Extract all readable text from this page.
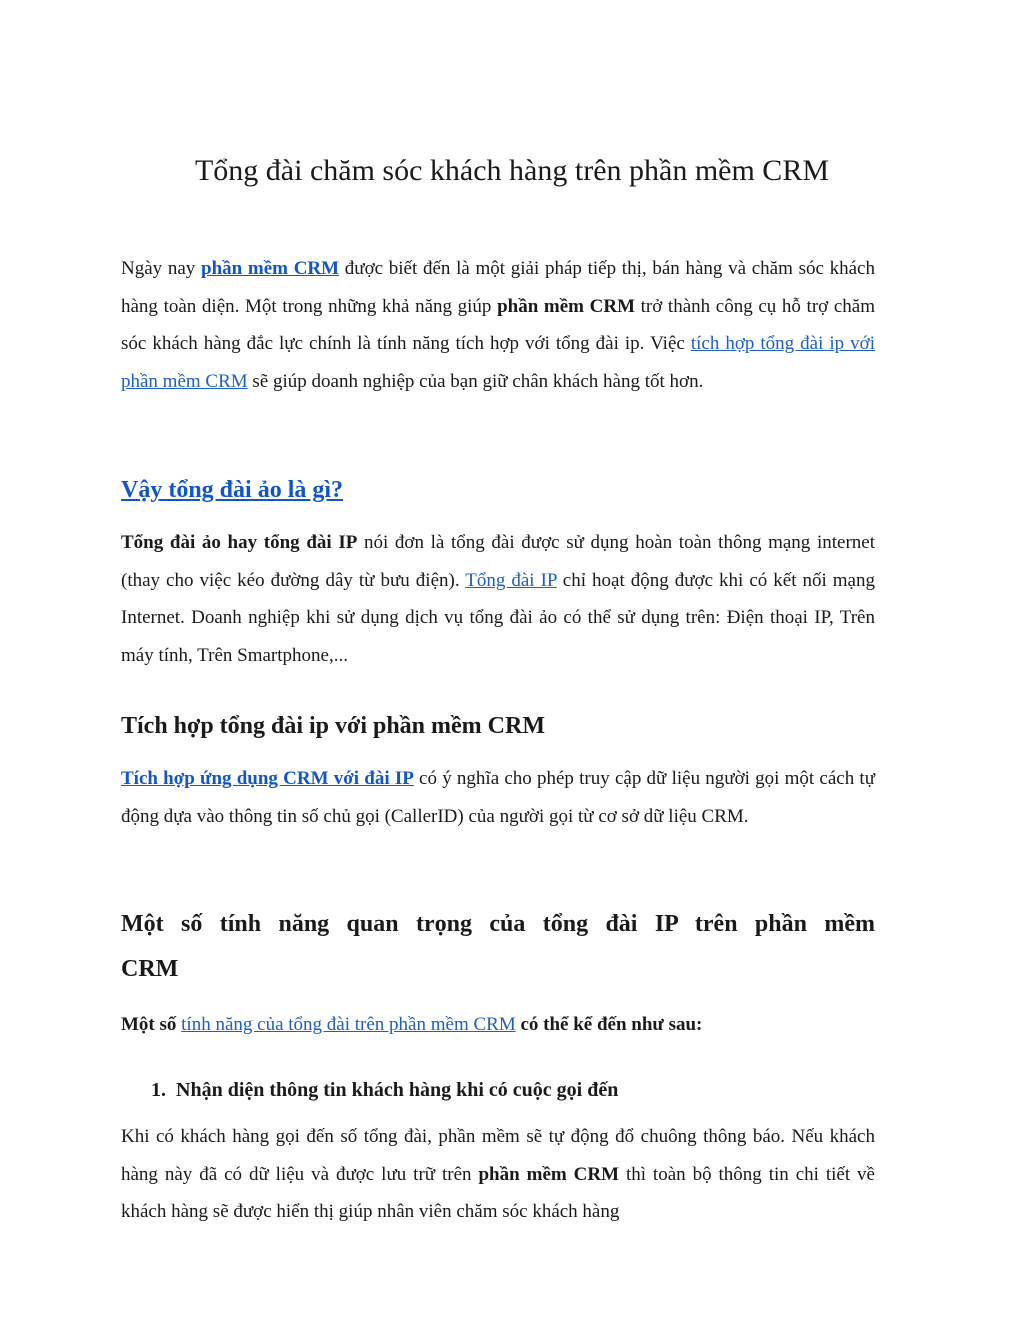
Tổng đài chăm sóc khách hàng trên phần mềm CRM

Ngày nay phần mềm CRM được biết đến là một giải pháp tiếp thị, bán hàng và chăm sóc khách hàng toàn diện. Một trong những khả năng giúp phần mềm CRM trở thành công cụ hỗ trợ chăm sóc khách hàng đắc lực chính là tính năng tích hợp với tổng đài ip. Việc tích hợp tổng đài ip với phần mềm CRM sẽ giúp doanh nghiệp của bạn giữ chân khách hàng tốt hơn.

Vậy tổng đài ảo là gì?

Tổng đài ảo hay tổng đài IP nói đơn là tổng đài được sử dụng hoàn toàn thông mạng internet (thay cho việc kéo đường dây từ bưu điện). Tổng đài IP chỉ hoạt động được khi có kết nối mạng Internet. Doanh nghiệp khi sử dụng dịch vụ tổng đài ảo có thể sử dụng trên: Điện thoại IP, Trên máy tính, Trên Smartphone,...

Tích hợp tổng đài ip với phần mềm CRM

Tích hợp ứng dụng CRM với đài IP có ý nghĩa cho phép truy cập dữ liệu người gọi một cách tự động dựa vào thông tin số chủ gọi (CallerID) của người gọi từ cơ sở dữ liệu CRM.

Một số tính năng quan trọng của tổng đài IP trên phần mềm
CRM

Một số tính năng của tổng đài trên phần mềm CRM có thể kể đến như sau:

1. Nhận diện thông tin khách hàng khi có cuộc gọi đến

Khi có khách hàng gọi đến số tổng đài, phần mềm sẽ tự động đổ chuông thông báo. Nếu khách hàng này đã có dữ liệu và được lưu trữ trên phần mềm CRM thì toàn bộ thông tin chi tiết về khách hàng sẽ được hiển thị giúp nhân viên chăm sóc khách hàng
